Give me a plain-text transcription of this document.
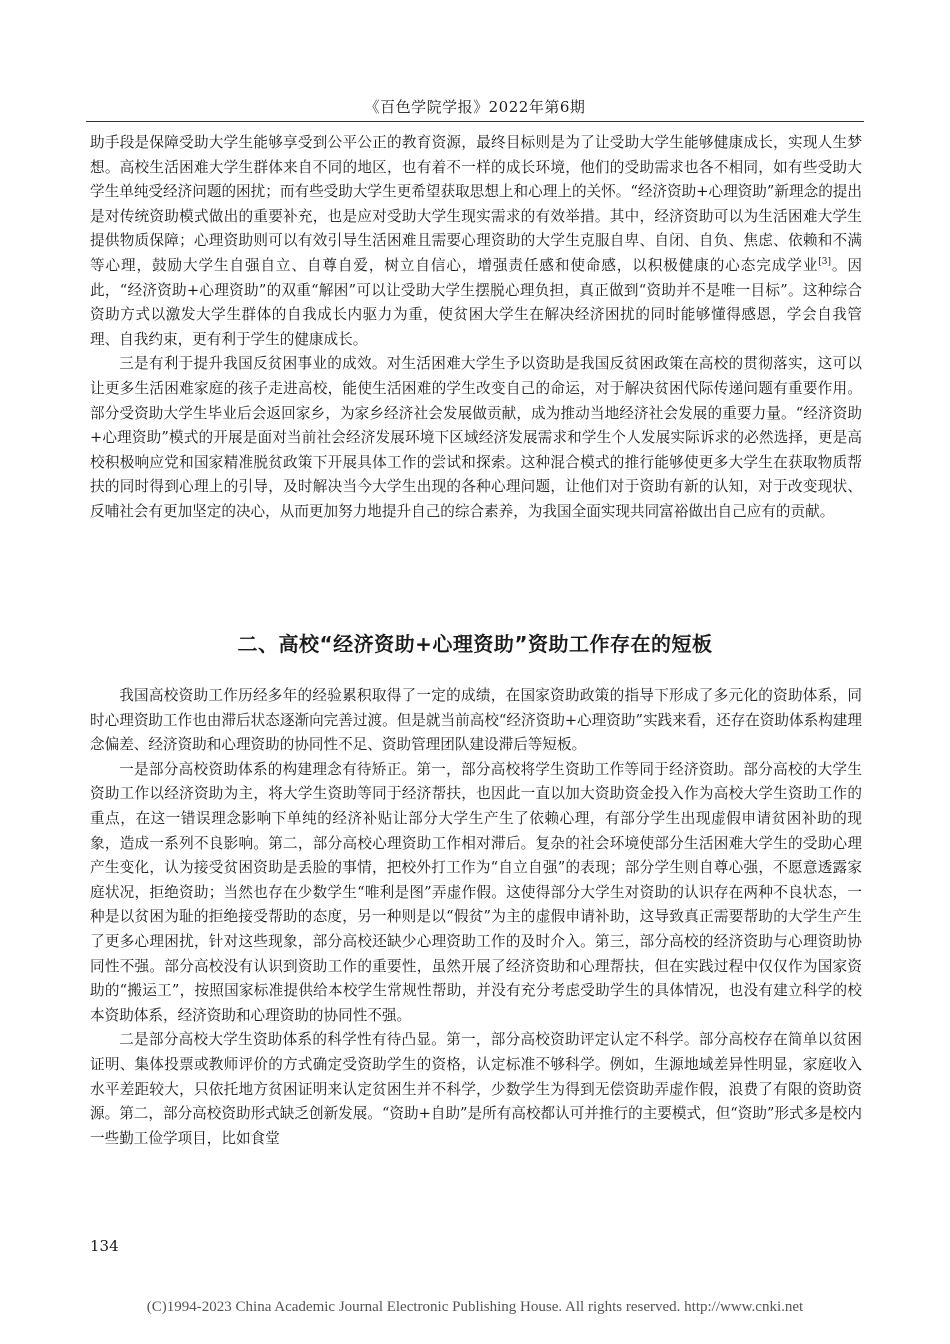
《百色学院学报》2022年第6期

助手段是保障受助大学生能够享受到公平公正的教育资源，最终目标则是为了让受助大学生能够健康成长，实现人生梦想。高校生活困难大学生群体来自不同的地区，也有着不一样的成长环境，他们的受助需求也各不相同，如有些受助大学生单纯受经济问题的困扰；而有些受助大学生更希望获取思想上和心理上的关怀。“经济资助+心理资助”新理念的提出是对传统资助模式做出的重要补充，也是应对受助大学生现实需求的有效举措。其中，经济资助可以为生活困难大学生提供物质保障；心理资助则可以有效引导生活困难且需要心理资助的大学生克服自卑、自闭、自负、焦虑、依赖和不满等心理，鼓励大学生自强自立、自尊自爱，树立自信心，增强责任感和使命感，以积极健康的心态完成学业[3]。因此，“经济资助+心理资助”的双重“解困”可以让受助大学生摆脱心理负担，真正做到“资助并不是唯一目标”。这种综合资助方式以激发大学生群体的自我成长内驱力为重，使贫困大学生在解决经济困扰的同时能够懂得感恩，学会自我管理、自我约束，更有利于学生的健康成长。

三是有利于提升我国反贫困事业的成效。对生活困难大学生予以资助是我国反贫困政策在高校的贯彻落实，这可以让更多生活困难家庭的孩子走进高校，能使生活困难的学生改变自己的命运，对于解决贫困代际传递问题有重要作用。部分受资助大学生毕业后会返回家乡，为家乡经济社会发展做贡献，成为推动当地经济社会发展的重要力量。“经济资助+心理资助”模式的开展是面对当前社会经济发展环境下区域经济发展需求和学生个人发展实际诉求的必然选择，更是高校积极响应党和国家精准脱贫政策下开展具体工作的尝试和探索。这种混合模式的推行能够使更多大学生在获取物质帮扶的同时得到心理上的引导，及时解决当今大学生出现的各种心理问题，让他们对于资助有新的认知，对于改变现状、反哺社会有更加坚定的决心，从而更加努力地提升自己的综合素养，为我国全面实现共同富裕做出自己应有的贡献。

二、高校“经济资助+心理资助”资助工作存在的短板

我国高校资助工作历经多年的经验累积取得了一定的成绩，在国家资助政策的指导下形成了多元化的资助体系，同时心理资助工作也由滞后状态逐渐向完善过渡。但是就当前高校“经济资助+心理资助”实践来看，还存在资助体系构建理念偏差、经济资助和心理资助的协同性不足、资助管理团队建设滞后等短板。

一是部分高校资助体系的构建理念有待矫正。第一，部分高校将学生资助工作等同于经济资助。部分高校的大学生资助工作以经济资助为主，将大学生资助等同于经济帮扶，也因此一直以加大资助资金投入作为高校大学生资助工作的重点，在这一错误理念影响下单纯的经济补贴让部分大学生产生了依赖心理，有部分学生出现虚假申请贫困补助的现象，造成一系列不良影响。第二，部分高校心理资助工作相对滞后。复杂的社会环境使部分生活困难大学生的受助心理产生变化，认为接受贫困资助是丢脸的事情，把校外打工作为“自立自强”的表现；部分学生则自尊心强，不愿意透露家庭状况，拒绝资助；当然也存在少数学生“唯利是图”弄虚作假。这使得部分大学生对资助的认识存在两种不良状态，一种是以贫困为耻的拒绝接受帮助的态度，另一种则是以“假贫”为主的虚假申请补助，这导致真正需要帮助的大学生产生了更多心理困扰，针对这些现象，部分高校还缺少心理资助工作的及时介入。第三，部分高校的经济资助与心理资助协同性不强。部分高校没有认识到资助工作的重要性，虽然开展了经济资助和心理帮扶，但在实践过程中仅仅作为国家资助的“搬运工”，按照国家标准提供给本校学生常规性帮助，并没有充分考虑受助学生的具体情况，也没有建立科学的校本资助体系，经济资助和心理资助的协同性不强。

二是部分高校大学生资助体系的科学性有待凸显。第一，部分高校资助评定认定不科学。部分高校存在简单以贫困证明、集体投票或教师评价的方式确定受资助学生的资格，认定标准不够科学。例如，生源地域差异性明显，家庭收入水平差距较大，只依托地方贫困证明来认定贫困生并不科学，少数学生为得到无偿资助弄虚作假，浪费了有限的资助资源。第二，部分高校资助形式缺乏创新发展。“资助+自助”是所有高校都认可并推行的主要模式，但“资助”形式多是校内一些勤工俭学项目，比如食堂

134
(C)1994-2023 China Academic Journal Electronic Publishing House. All rights reserved. http://www.cnki.net
